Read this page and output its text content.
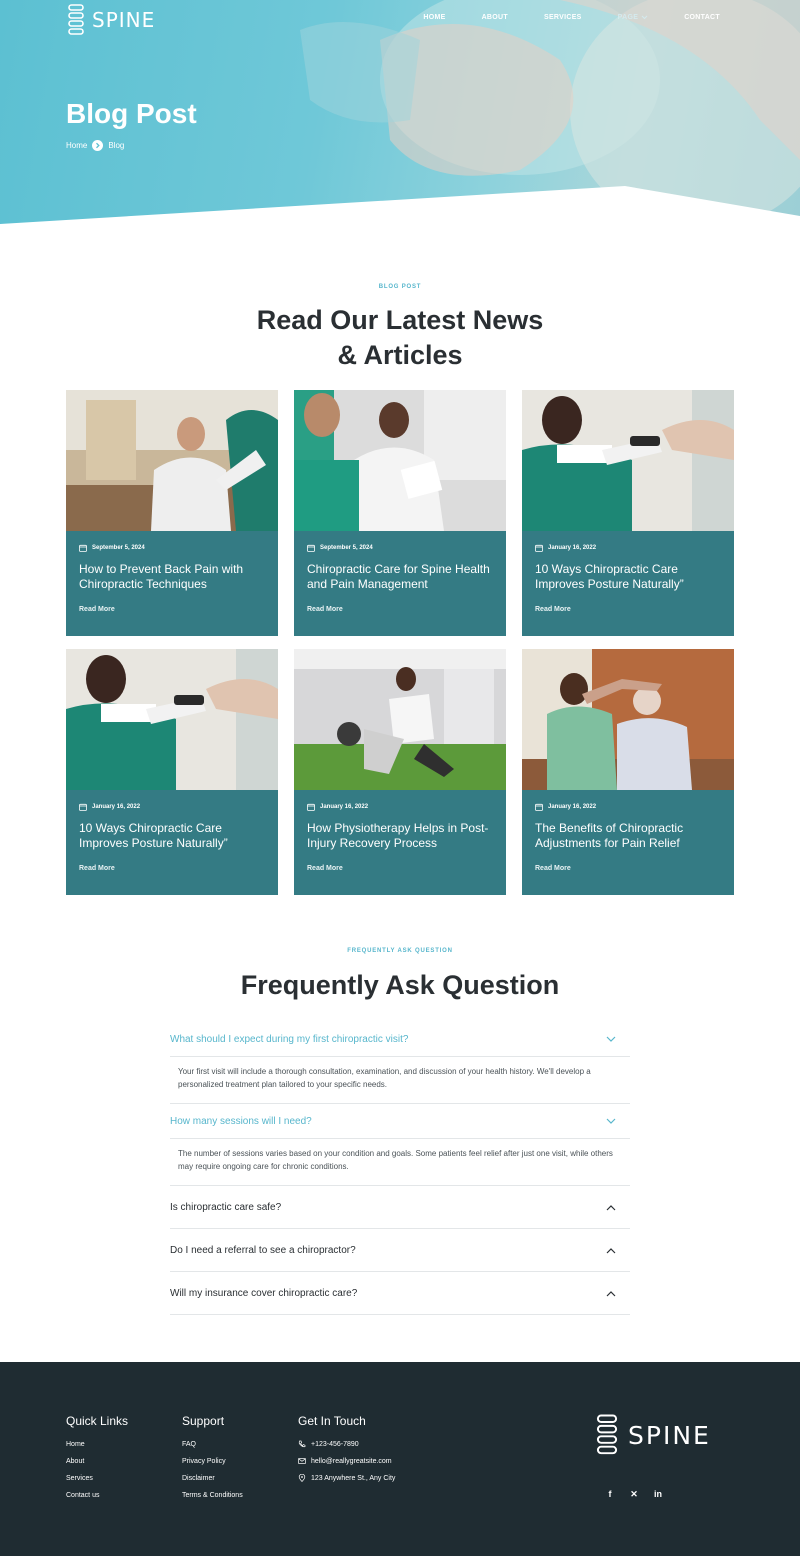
SPINE	HOME	ABOUT	SERVICES	PAGE	CONTACT
Blog Post
Home	Blog
BLOG POST
Read Our Latest News
& Articles
September 5, 2024
How to Prevent Back Pain with Chiropractic Techniques
Read More
September 5, 2024
Chiropractic Care for Spine Health and Pain Management
Read More
January 16, 2022
10 Ways Chiropractic Care Improves Posture Naturally”
Read More
January 16, 2022
10 Ways Chiropractic Care Improves Posture Naturally”
Read More
January 16, 2022
How Physiotherapy Helps in Post-Injury Recovery Process
Read More
January 16, 2022
The Benefits of Chiropractic Adjustments for Pain Relief
Read More
FREQUENTLY ASK QUESTION
Frequently Ask Question
What should I expect during my first chiropractic visit?
Your first visit will include a thorough consultation, examination, and discussion of your health history. We'll develop a personalized treatment plan tailored to your specific needs.
How many sessions will I need?
The number of sessions varies based on your condition and goals. Some patients feel relief after just one visit, while others may require ongoing care for chronic conditions.
Is chiropractic care safe?
Do I need a referral to see a chiropractor?
Will my insurance cover chiropractic care?
Quick Links
Home
About
Services
Contact us
Support
FAQ
Privacy Policy
Disclaimer
Terms & Conditions
Get In Touch
+123-456-7890
hello@reallygreatsite.com
123 Anywhere St., Any City
SPINE
f	✕	in
